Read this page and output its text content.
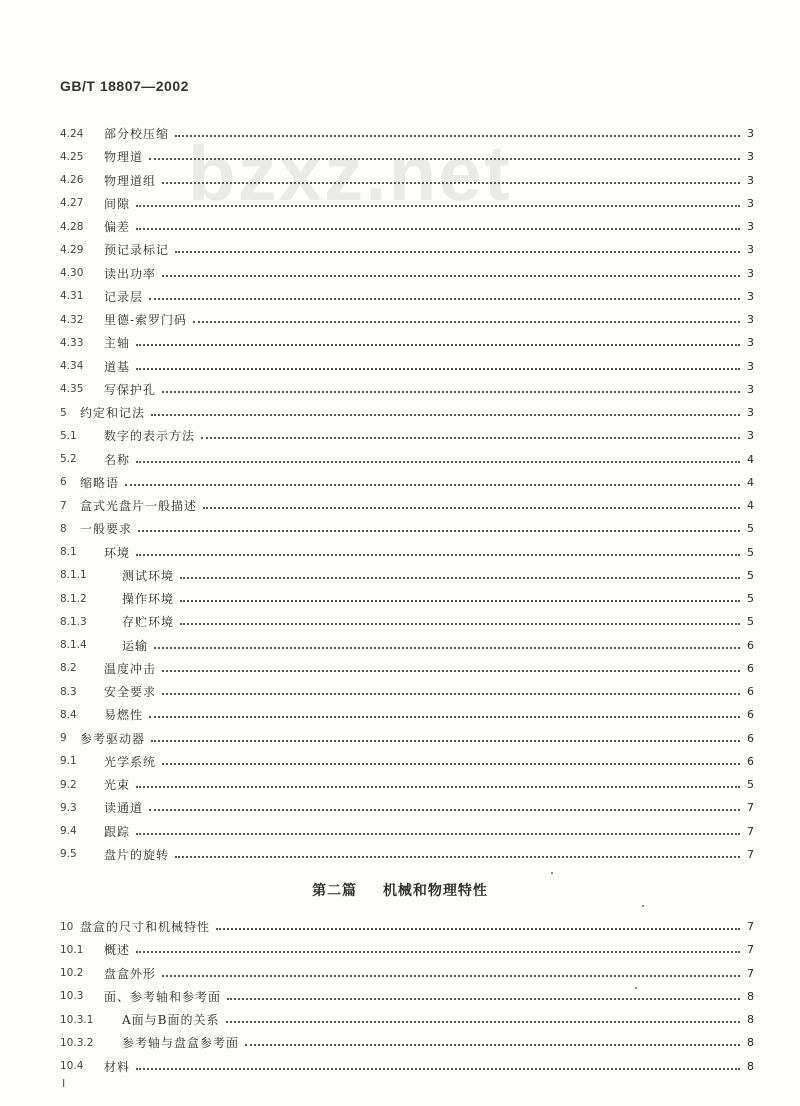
GB/T 18807—2002
bzxz.net
4.24	部分校压缩	3
4.25	物理道	3
4.26	物理道组	3
4.27	间隙	3
4.28	偏差	3
4.29	预记录标记	3
4.30	读出功率	3
4.31	记录层	3
4.32	里德-索罗门码	3
4.33	主轴	3
4.34	道基	3
4.35	写保护孔	3
5	约定和记法	3
5.1	数字的表示方法	3
5.2	名称	4
6	缩略语	4
7	盒式光盘片一般描述	4
8	一般要求	5
8.1	环境	5
8.1.1	测试环境	5
8.1.2	操作环境	5
8.1.3	存贮环境	5
8.1.4	运输	6
8.2	温度冲击	6
8.3	安全要求	6
8.4	易燃性	6
9	参考驱动器	6
9.1	光学系统	6
9.2	光束	5
9.3	读通道	7
9.4	跟踪	7
9.5	盘片的旋转	7
第二篇 机械和物理特性
10 盘盒的尺寸和机械特性	7
10.1	概述	7
10.2	盘盒外形	7
10.3	面、参考轴和参考面	8
10.3.1	A面与B面的关系	8
10.3.2	参考轴与盘盒参考面	8
10.4	材料	8
I
